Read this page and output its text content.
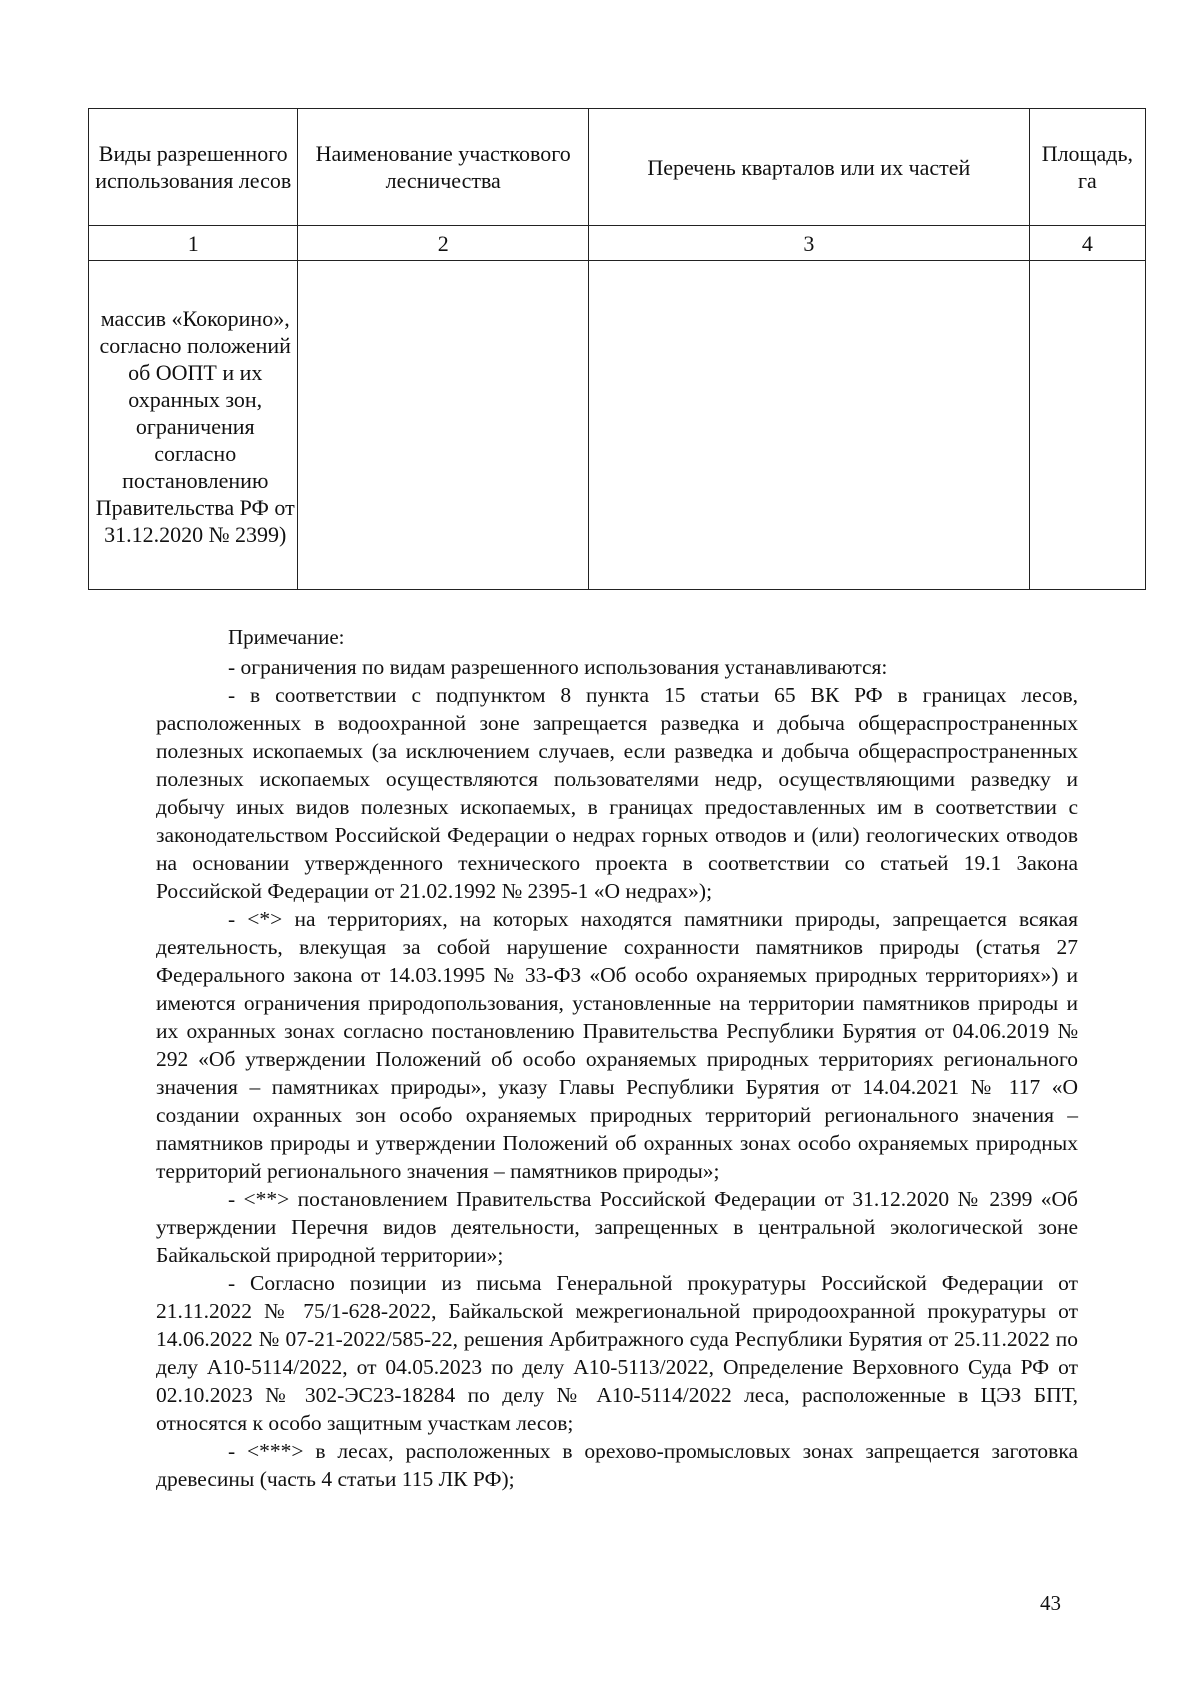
Виды разрешенного использования лесов	Наименование участкового лесничества	Перечень кварталов или их частей	Площадь, га
1	2	3	4
массив «Кокорино», согласно положений об ООПТ и их охранных зон, ограничения согласно постановлению Правительства РФ от 31.12.2020 № 2399)			
Примечание:

- ограничения по видам разрешенного использования устанавливаются:

- в соответствии с подпунктом 8 пункта 15 статьи 65 ВК РФ в границах лесов, расположенных в водоохранной зоне запрещается разведка и добыча общераспространенных полезных ископаемых (за исключением случаев, если разведка и добыча общераспространенных полезных ископаемых осуществляются пользователями недр, осуществляющими разведку и добычу иных видов полезных ископаемых, в границах предоставленных им в соответствии с законодательством Российской Федерации о недрах горных отводов и (или) геологических отводов на основании утвержденного технического проекта в соответствии со статьей 19.1 Закона Российской Федерации от 21.02.1992 № 2395-1 «О недрах»);

- <*> на территориях, на которых находятся памятники природы, запрещается всякая деятельность, влекущая за собой нарушение сохранности памятников природы (статья 27 Федерального закона от 14.03.1995 № 33-ФЗ «Об особо охраняемых природных территориях») и имеются ограничения природопользования, установленные на территории памятников природы и их охранных зонах согласно постановлению Правительства Республики Бурятия от 04.06.2019 № 292 «Об утверждении Положений об особо охраняемых природных территориях регионального значения – памятниках природы», указу Главы Республики Бурятия от 14.04.2021 № 117 «О создании охранных зон особо охраняемых природных территорий регионального значения – памятников природы и утверждении Положений об охранных зонах особо охраняемых природных территорий регионального значения – памятников природы»;

- <**> постановлением Правительства Российской Федерации от 31.12.2020 № 2399 «Об утверждении Перечня видов деятельности, запрещенных в центральной экологической зоне Байкальской природной территории»;

- Согласно позиции из письма Генеральной прокуратуры Российской Федерации от 21.11.2022 № 75/1-628-2022, Байкальской межрегиональной природоохранной прокуратуры от 14.06.2022 № 07-21-2022/585-22, решения Арбитражного суда Республики Бурятия от 25.11.2022 по делу А10-5114/2022, от 04.05.2023 по делу А10-5113/2022, Определение Верховного Суда РФ от 02.10.2023 № 302-ЭС23-18284 по делу № А10-5114/2022 леса, расположенные в ЦЭЗ БПТ, относятся к особо защитным участкам лесов;

- <***> в лесах, расположенных в орехово-промысловых зонах запрещается заготовка древесины (часть 4 статьи 115 ЛК РФ);

43
